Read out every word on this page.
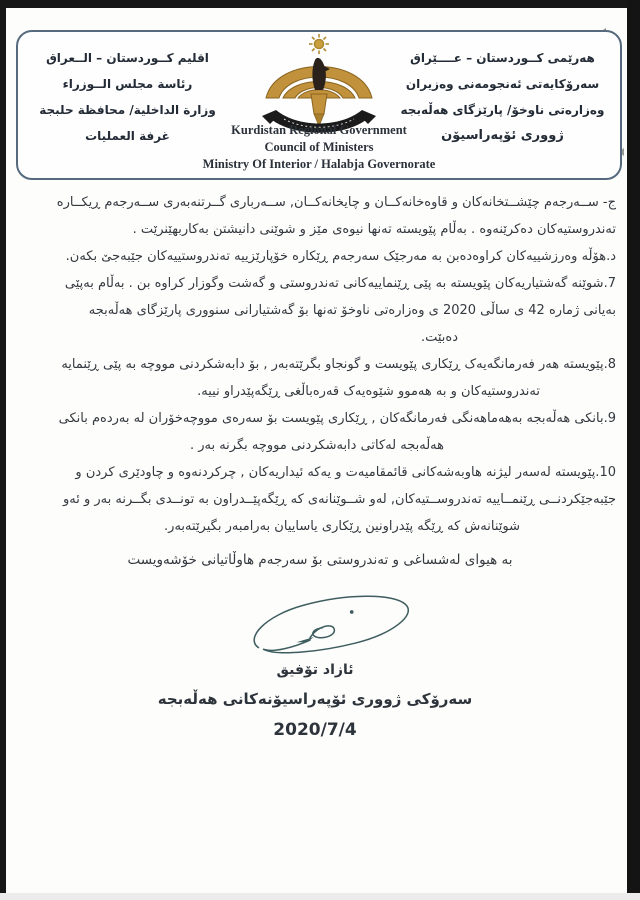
هەرێمی کــوردستان – عــــێراق
سەرۆکایەتی ئەنجومەنی وەزیران
وەزارەتی ناوخۆ/ پارێزگای هەڵەبجە
ژووری ئۆپەراسیۆن
اقليم كــوردستان – الــعراق
رئاسة مجلس الــوزراء
وزارة الداخلية/ محافظة حلبجة
غرفة العمليات	Kurdistan Regional Government
Council of Ministers
Ministry Of Interior / Halabja Governorate
ج- ســەرجەم چێشــتخانەکان و قاوەخانەکــان و چایخانەکــان, ســەرباری گــرتنەبەری ســەرجەم ڕیکــارە
تەندروستیەکان دەکرێنەوە . بەڵام پێویستە تەنها نیوەی مێز و شوێنی دانیشتن بەکاربهێنرێت .
د.هۆڵە وەرزشییەکان کراوەدەبن بە مەرجێک سەرجەم ڕێکارە خۆپارێزییە تەندروستییەکان جێبەجێ بکەن.
7.شوێنە گەشتیاریەکان پێویستە بە پێی ڕێنماییەکانی تەندروستی و گەشت وگوزار کراوە بن . بەڵام بەپێی
بەیانی ژمارە 42 ی ساڵی 2020 ی وەزارەتی ناوخۆ تەنها بۆ گەشتیارانی سنووری پارێزگای هەڵەبجە
دەبێت.
8.پێویستە هەر فەرمانگەیەک ڕێکاری پێویست و گونجاو بگرێتەبەر , بۆ دابەشکردنی مووچە بە پێی ڕێنمایە
تەندروستیەکان و بە هەموو شێوەیەک قەرەباڵغی ڕێگەپێدراو نییە.
9.بانکی هەڵەبجە بەهەماهەنگی فەرمانگەکان , ڕێکاری پێویست بۆ سەرەی مووچەخۆران لە بەردەم بانکی
هەڵەبجە لەکاتی دابەشکردنی مووچە بگرنە بەر .
10.پێویستە لەسەر لیژنە هاوبەشەکانی قائمقامیەت و یەکە ئیداریەکان , چرکردنەوە و چاودێری کردن و
جێبەجێکردنــی ڕێنمــاییە تەندروســتیەکان, لەو شــوێنانەی کە ڕێگەپێــدراون بە تونــدی بگــرنە بەر و ئەو
شوێنانەش کە ڕێگە پێدراونین ڕێکاری یاساییان بەرامبەر بگیرێتەبەر.
بە هیوای لەشساغی و تەندروستی بۆ سەرجەم هاوڵاتیانی خۆشەویست
ئازاد تۆفیق
سەرۆکی ژووری ئۆپەراسیۆنەکانی هەڵەبجە
2020/7/4
